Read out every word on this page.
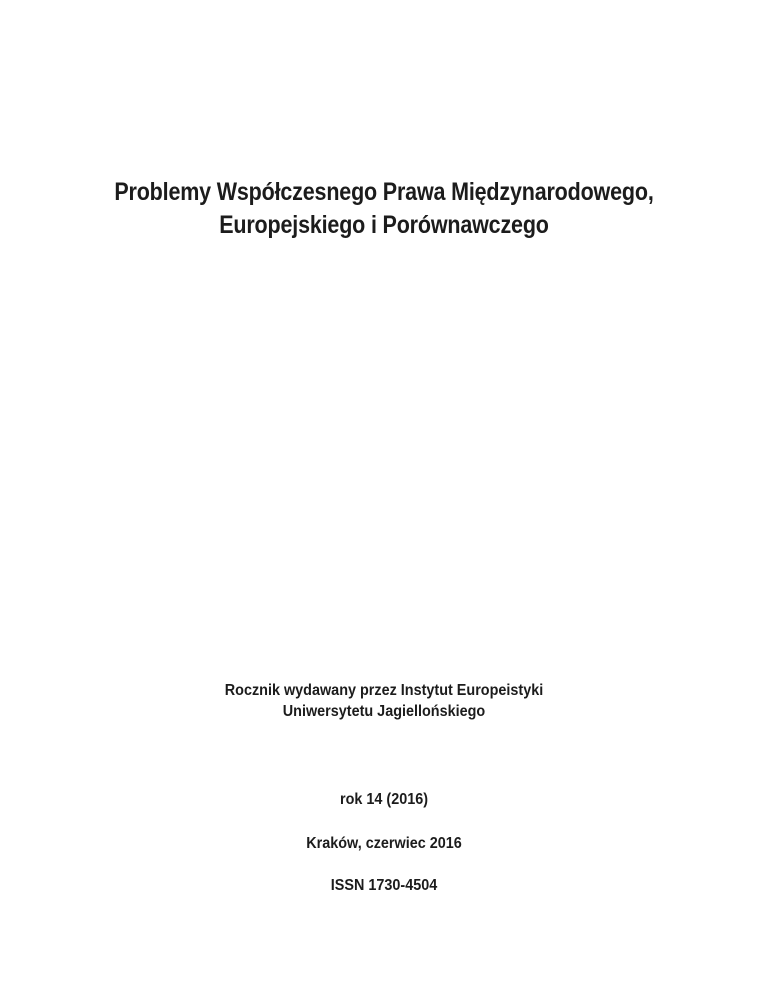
Problemy Współczesnego Prawa Międzynarodowego,
Europejskiego i Porównawczego
Rocznik wydawany przez Instytut Europeistyki
Uniwersytetu Jagiellońskiego
rok 14 (2016)
Kraków, czerwiec 2016
ISSN 1730-4504
